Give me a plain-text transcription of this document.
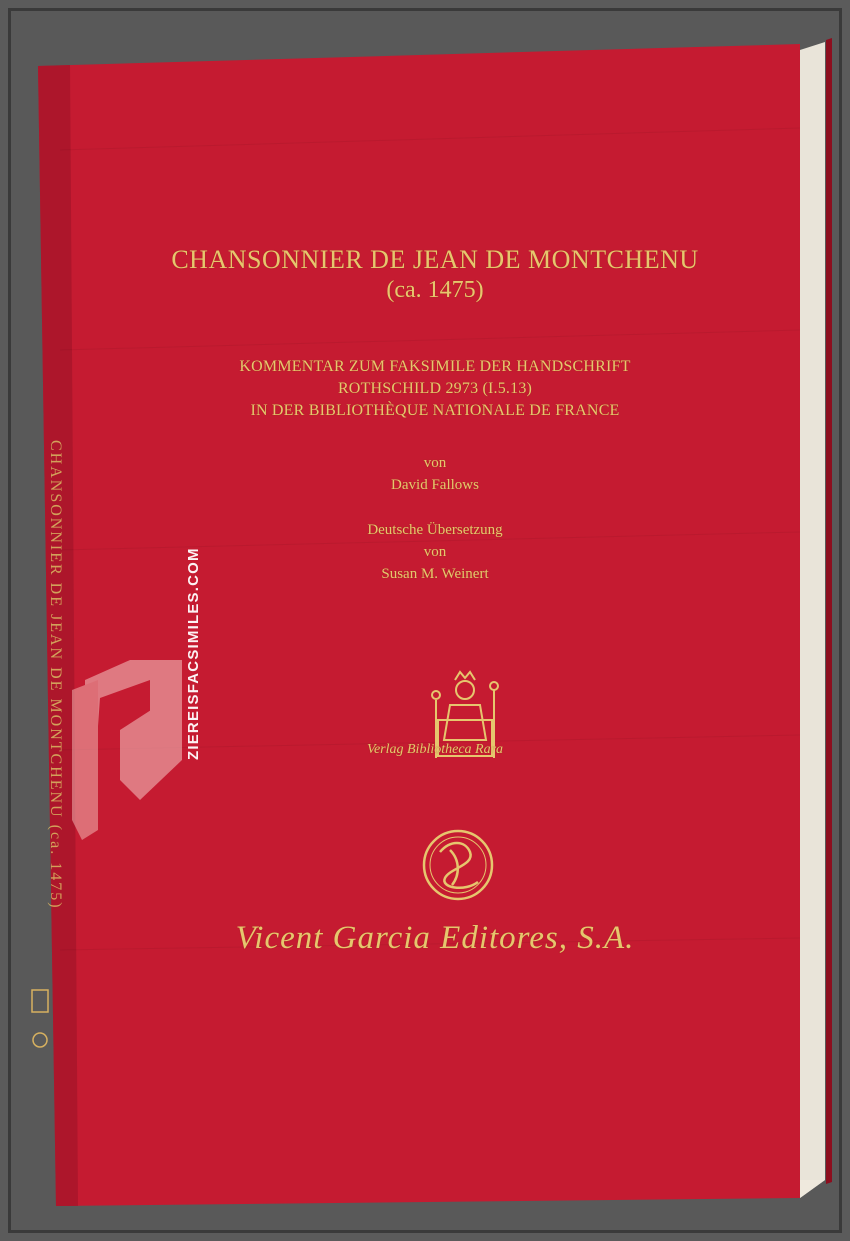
CHANSONNIER DE JEAN DE MONTCHENU (ca. 1475)	ZIEREISFACSIMILES.COM
CHANSONNIER DE JEAN DE MONTCHENU
(ca. 1475)
KOMMENTAR ZUM FAKSIMILE DER HANDSCHRIFT
ROTHSCHILD 2973 (I.5.13)
IN DER BIBLIOTHÈQUE NATIONALE DE FRANCE
von
David Fallows
Deutsche Übersetzung
von
Susan M. Weinert
Verlag Bibliotheca Rara
Vicent Garcia Editores, S.A.
